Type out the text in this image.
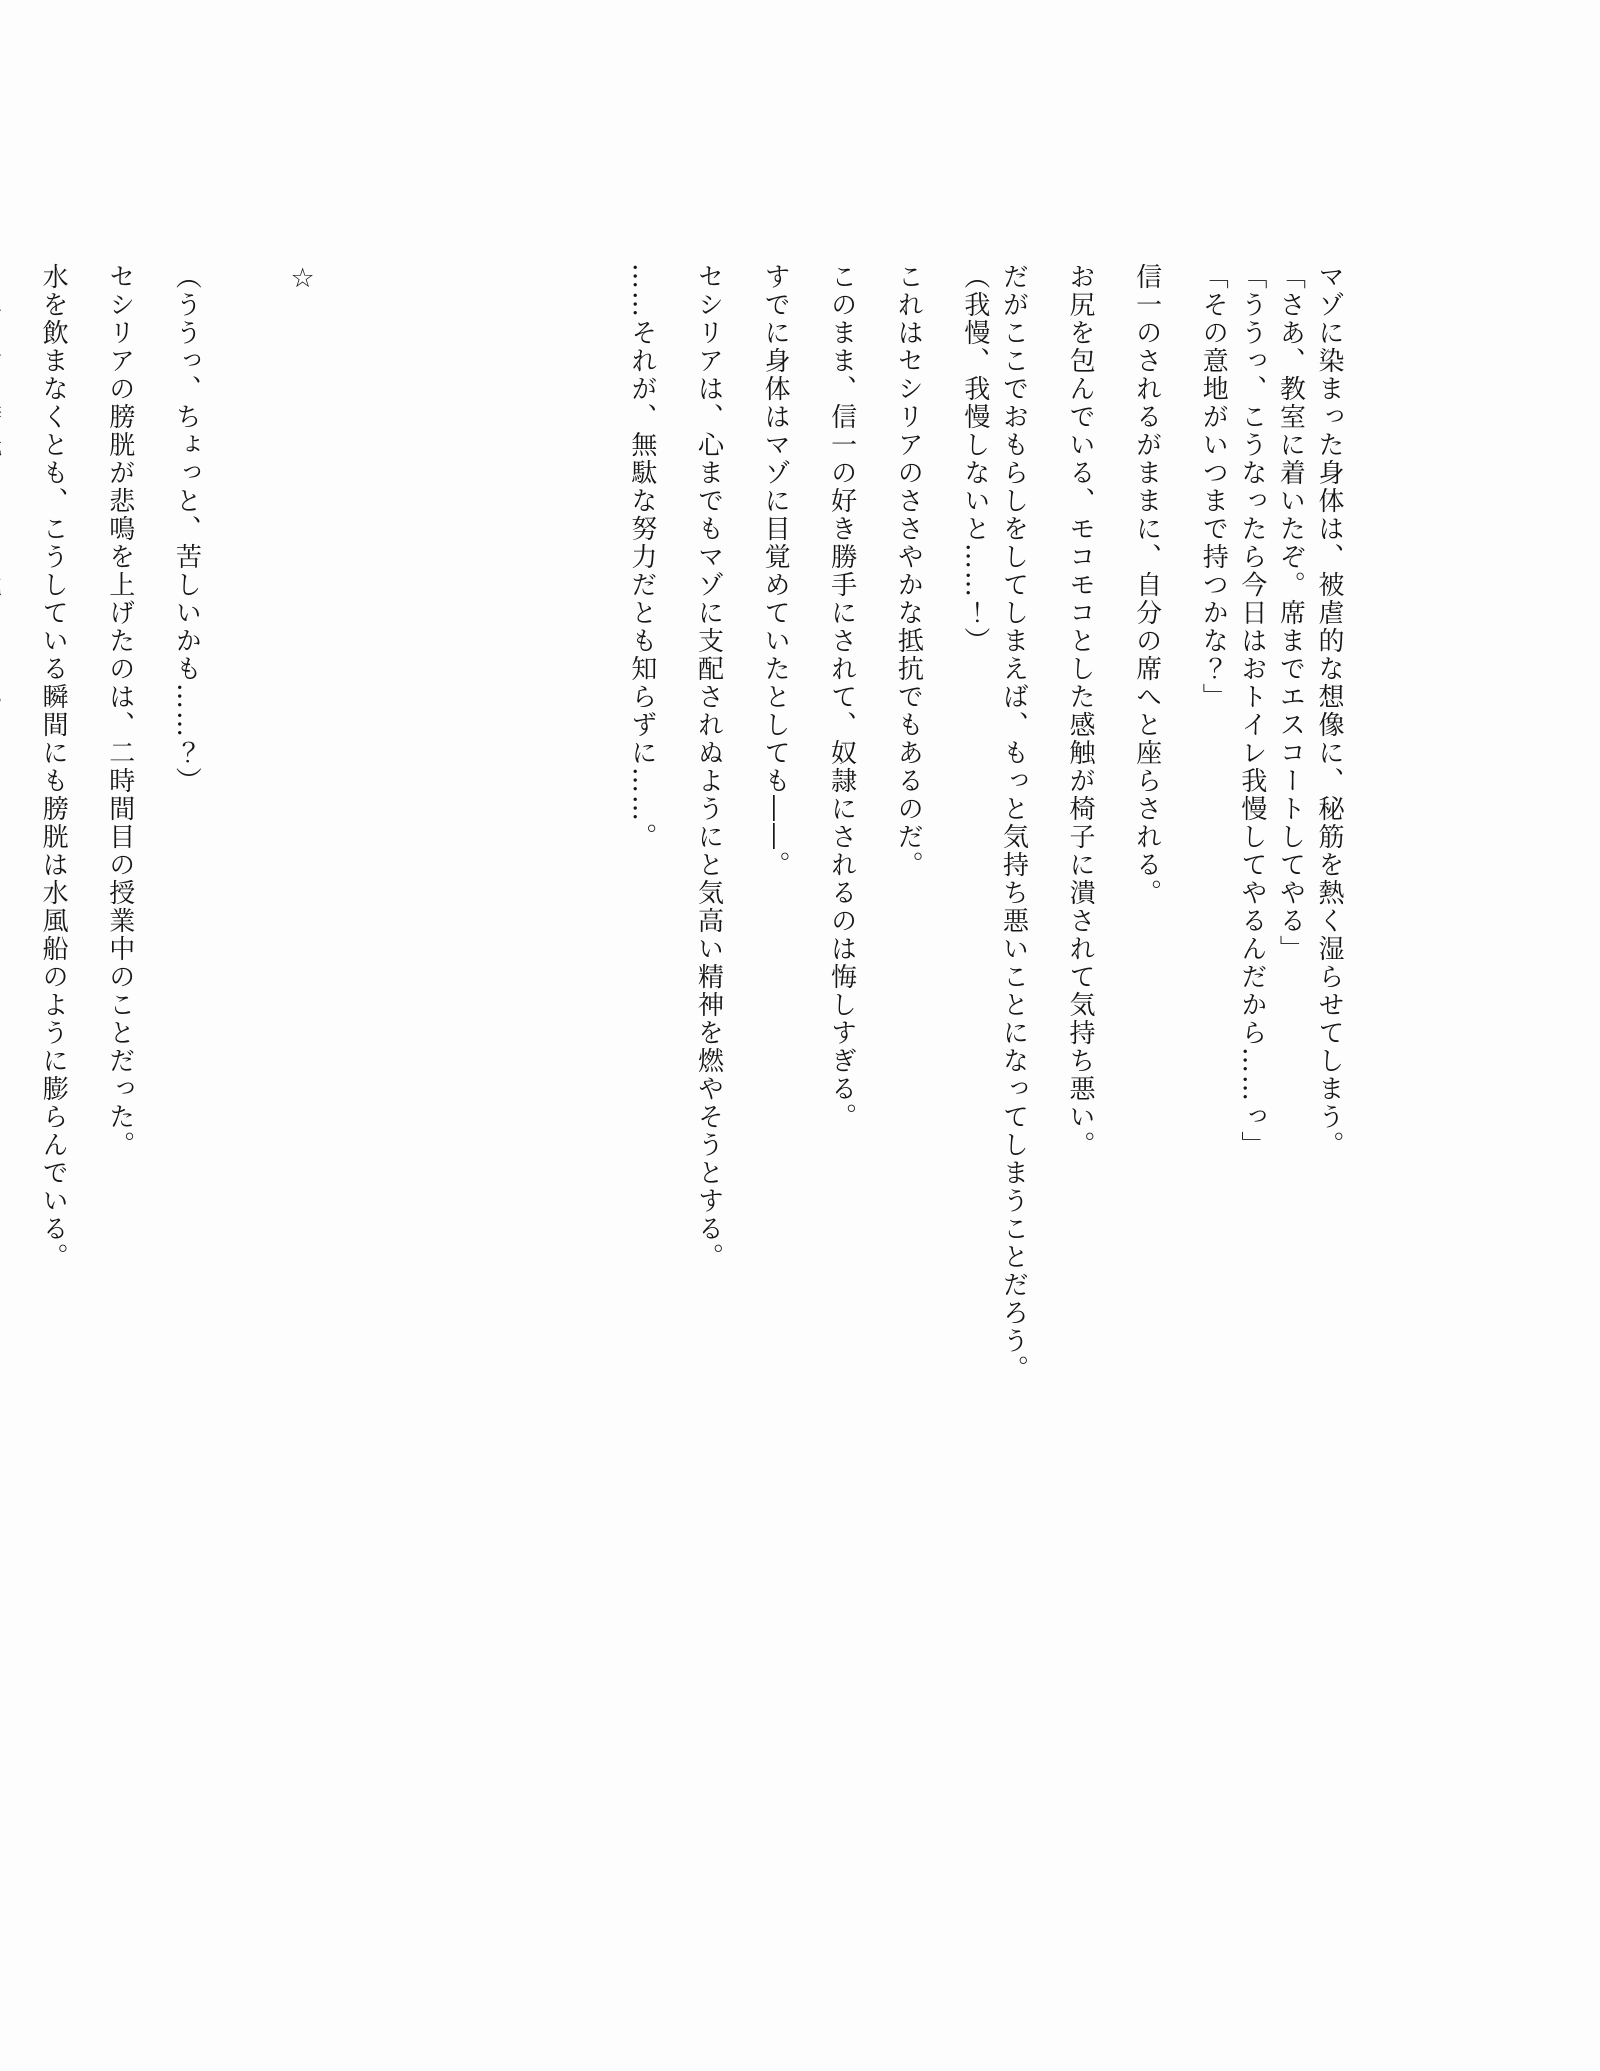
マゾに染まった身体は、被虐的な想像に、秘筋を熱く湿らせてしまう。

「さあ、教室に着いたぞ。席までエスコートしてやる」

「ううっ、こうなったら今日はおトイレ我慢してやるんだから……っ」

「その意地がいつまで持つかな？」

信一のされるがままに、自分の席へと座らされる。

お尻を包んでいる、モコモコとした感触が椅子に潰されて気持ち悪い。

だがここでおもらしをしてしまえば、もっと気持ち悪いことになってしまうことだろう。

（我慢、我慢しないと……！）

これはセシリアのささやかな抵抗でもあるのだ。

このまま、信一の好き勝手にされて、奴隷にされるのは悔しすぎる。

すでに身体はマゾに目覚めていたとしても――。

セシリアは、心までもマゾに支配されぬようにと気高い精神を燃やそうとする。

……それが、無駄な努力だとも知らずに……。

☆

（ううっ、ちょっと、苦しいかも……？）

セシリアの膀胱が悲鳴を上げたのは、二時間目の授業中のことだった。

水を飲まなくとも、こうしている瞬間にも膀胱は水風船のように膨らんでいる。
